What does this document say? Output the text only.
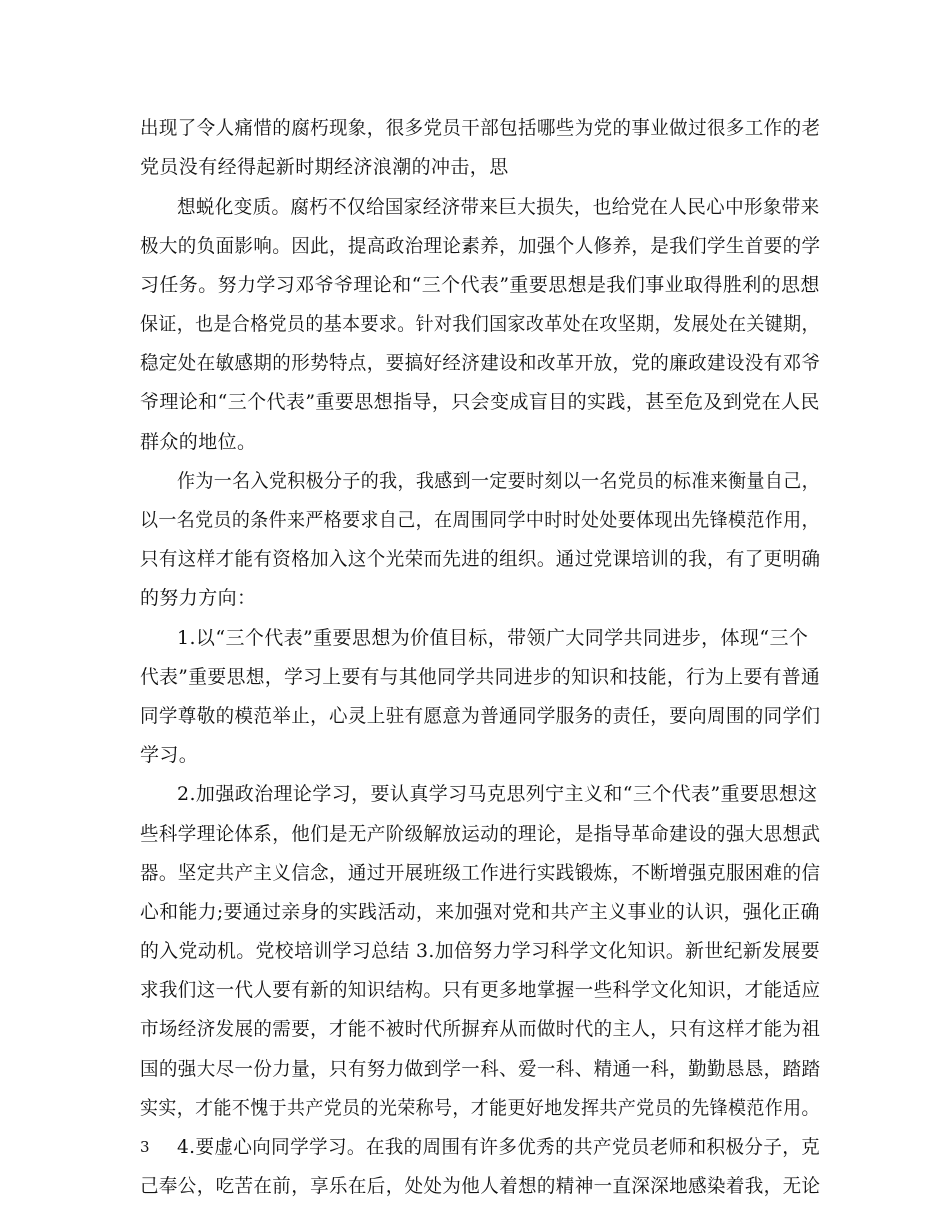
出现了令人痛惜的腐朽现象，很多党员干部包括哪些为党的事业做过很多工作的老
党员没有经得起新时期经济浪潮的冲击，思
想蜕化变质。腐朽不仅给国家经济带来巨大损失，也给党在人民心中形象带来
极大的负面影响。因此，提高政治理论素养，加强个人修养，是我们学生首要的学
习任务。努力学习邓爷爷理论和“三个代表”重要思想是我们事业取得胜利的思想
保证，也是合格党员的基本要求。针对我们国家改革处在攻坚期，发展处在关键期，
稳定处在敏感期的形势特点，要搞好经济建设和改革开放，党的廉政建设没有邓爷
爷理论和“三个代表”重要思想指导，只会变成盲目的实践，甚至危及到党在人民
群众的地位。
作为一名入党积极分子的我，我感到一定要时刻以一名党员的标准来衡量自己，
以一名党员的条件来严格要求自己，在周围同学中时时处处要体现出先锋模范作用，
只有这样才能有资格加入这个光荣而先进的组织。通过党课培训的我，有了更明确
的努力方向：
1.以“三个代表”重要思想为价值目标，带领广大同学共同进步，体现“三个
代表”重要思想，学习上要有与其他同学共同进步的知识和技能，行为上要有普通
同学尊敬的模范举止，心灵上驻有愿意为普通同学服务的责任，要向周围的同学们
学习。
2.加强政治理论学习，要认真学习马克思列宁主义和“三个代表”重要思想这
些科学理论体系，他们是无产阶级解放运动的理论，是指导革命建设的强大思想武
器。坚定共产主义信念，通过开展班级工作进行实践锻炼，不断增强克服困难的信
心和能力;要通过亲身的实践活动，来加强对党和共产主义事业的认识，强化正确
的入党动机。党校培训学习总结 3.加倍努力学习科学文化知识。新世纪新发展要
求我们这一代人要有新的知识结构。只有更多地掌握一些科学文化知识，才能适应
市场经济发展的需要，才能不被时代所摒弃从而做时代的主人，只有这样才能为祖
国的强大尽一份力量，只有努力做到学一科、爱一科、精通一科，勤勤恳恳，踏踏
实实，才能不愧于共产党员的光荣称号，才能更好地发挥共产党员的先锋模范作用。
4.要虚心向同学学习。在我的周围有许多优秀的共产党员老师和积极分子，克
己奉公，吃苦在前，享乐在后，处处为他人着想的精神一直深深地感染着我，无论
3
